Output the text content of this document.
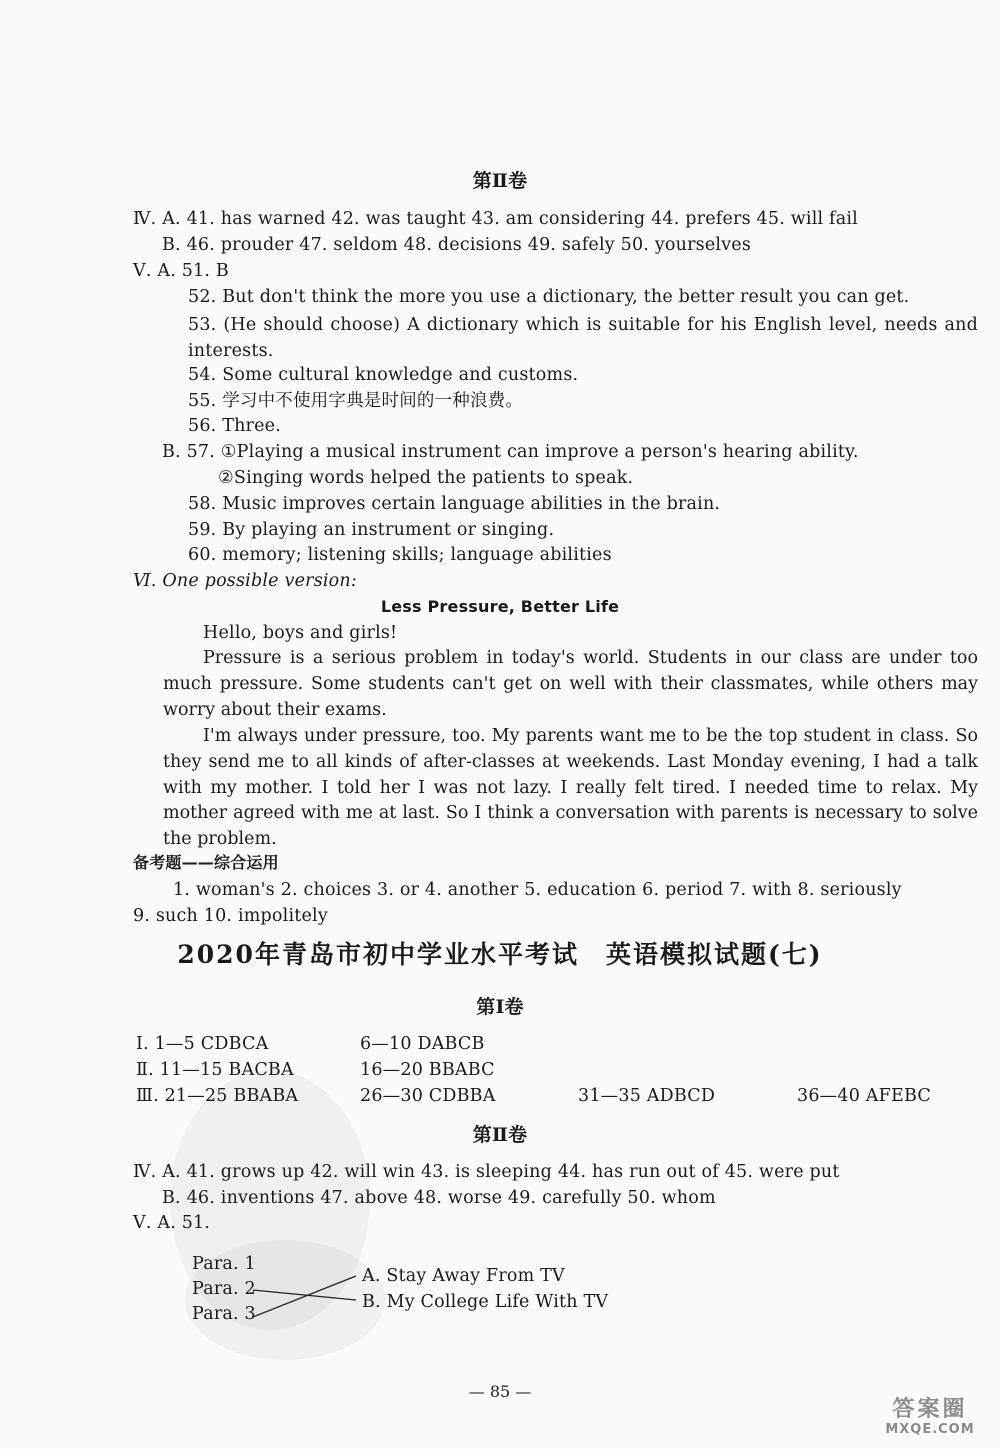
第Ⅱ卷
Ⅳ. A. 41. has warned 42. was taught 43. am considering 44. prefers 45. will fail
B. 46. prouder 47. seldom 48. decisions 49. safely 50. yourselves
Ⅴ. A. 51. B
52. But don't think the more you use a dictionary, the better result you can get.
53. (He should choose) A dictionary which is suitable for his English level, needs and interests.
54. Some cultural knowledge and customs.
55. 学习中不使用字典是时间的一种浪费。
56. Three.
B. 57. ①Playing a musical instrument can improve a person's hearing ability.
②Singing words helped the patients to speak.
58. Music improves certain language abilities in the brain.
59. By playing an instrument or singing.
60. memory; listening skills; language abilities
Ⅵ. One possible version:
Less Pressure, Better Life
Hello, boys and girls!
Pressure is a serious problem in today's world. Students in our class are under too much pressure. Some students can't get on well with their classmates, while others may worry about their exams.
I'm always under pressure, too. My parents want me to be the top student in class. So they send me to all kinds of after-classes at weekends. Last Monday evening, I had a talk with my mother. I told her I was not lazy. I really felt tired. I needed time to relax. My mother agreed with me at last. So I think a conversation with parents is necessary to solve the problem.
备考题——综合运用
1. woman's 2. choices 3. or 4. another 5. education 6. period 7. with 8. seriously
9. such 10. impolitely
2020年青岛市初中学业水平考试　英语模拟试题(七)
第Ⅰ卷
Ⅰ. 1—5 CDBCA	6—10 DABCB
Ⅱ. 11—15 BACBA	16—20 BBABC
Ⅲ. 21—25 BBABA	26—30 CDBBA	31—35 ADBCD	36—40 AFEBC
第Ⅱ卷
Ⅳ. A. 41. grows up 42. will win 43. is sleeping 44. has run out of 45. were put
B. 46. inventions 47. above 48. worse 49. carefully 50. whom
Ⅴ. A. 51.
Para. 1
Para. 2
Para. 3
A. Stay Away From TV
B. My College Life With TV
— 85 —
答案圈
MXQE.COM
